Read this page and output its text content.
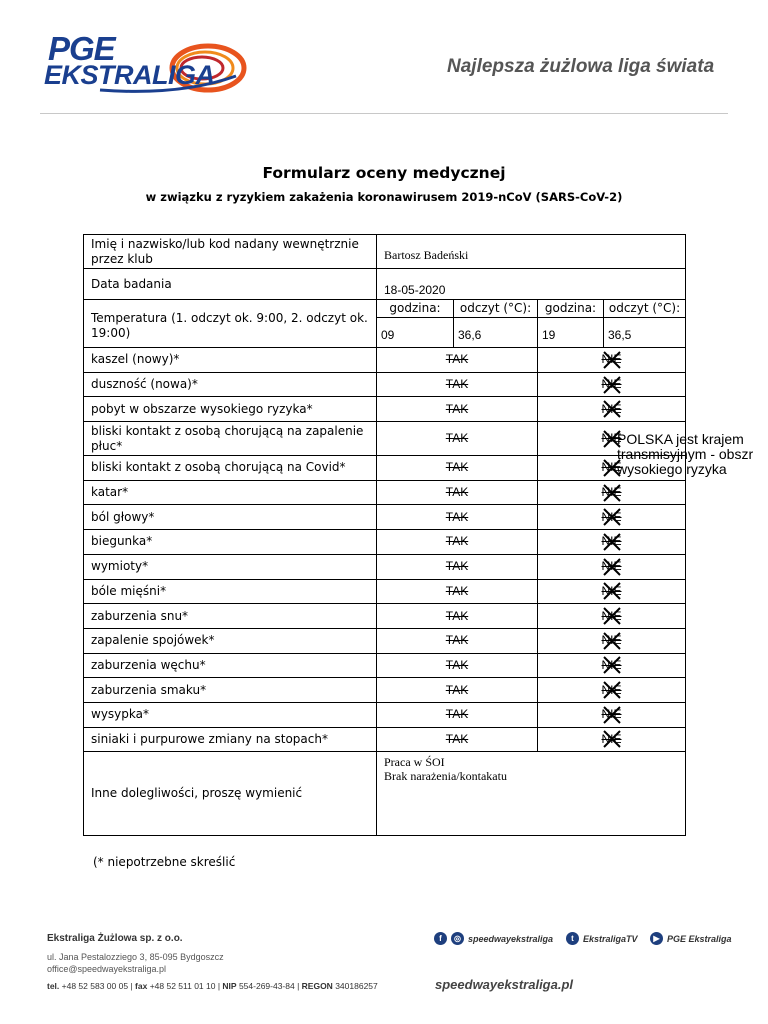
PGE
EKSTRALIGA	Najlepsza żużlowa liga świata
Formularz oceny medycznej
w związku z ryzykiem zakażenia koronawirusem 2019-nCoV (SARS-CoV-2)
Imię i nazwisko/lub kod nadany wewnętrznie przez klub	Bartosz Badeński			
Data badania	18-05-2020			
Temperatura (1. odczyt ok. 9:00, 2. odczyt ok. 19:00)	godzina:	odczyt (°C):	godzina:	odczyt (°C):
	09	36,6	19	36,5
kaszel (nowy)*	TAK		NIE	

duszność (nowa)*	TAK		NIE	

pobyt w obszarze wysokiego ryzyka*	TAK		NIE	

bliski kontakt z osobą chorującą na zapalenie płuc*	TAK		NIE	

bliski kontakt z osobą chorującą na Covid*	TAK		NIE	

katar*	TAK		NIE	

ból głowy*	TAK		NIE	

biegunka*	TAK		NIE	

wymioty*	TAK		NIE	

bóle mięśni*	TAK		NIE	

zaburzenia snu*	TAK		NIE	

zapalenie spojówek*	TAK		NIE	

zaburzenia węchu*	TAK		NIE	

zaburzenia smaku*	TAK		NIE	

wysypka*	TAK		NIE	

siniaki i purpurowe zmiany na stopach*	TAK		NIE	

Inne dolegliwości, proszę wymienić	Praca w ŚOI
Brak narażenia/kontakatu			
POLSKA jest krajem
transmisyjnym - obszr
wysokiego ryzyka
(* niepotrzebne skreślić
Ekstraliga Żużlowa sp. z o.o.
ul. Jana Pestalozziego 3, 85-095 Bydgoszcz
office@speedwayekstraliga.pl
tel. +48 52 583 00 05 | fax +48 52 511 01 10 | NIP 554-269-43-84 | REGON 340186257
f	◎ speedwayekstraliga	t	EkstraligaTV	▶ PGE Ekstraliga
speedwayekstraliga.pl
